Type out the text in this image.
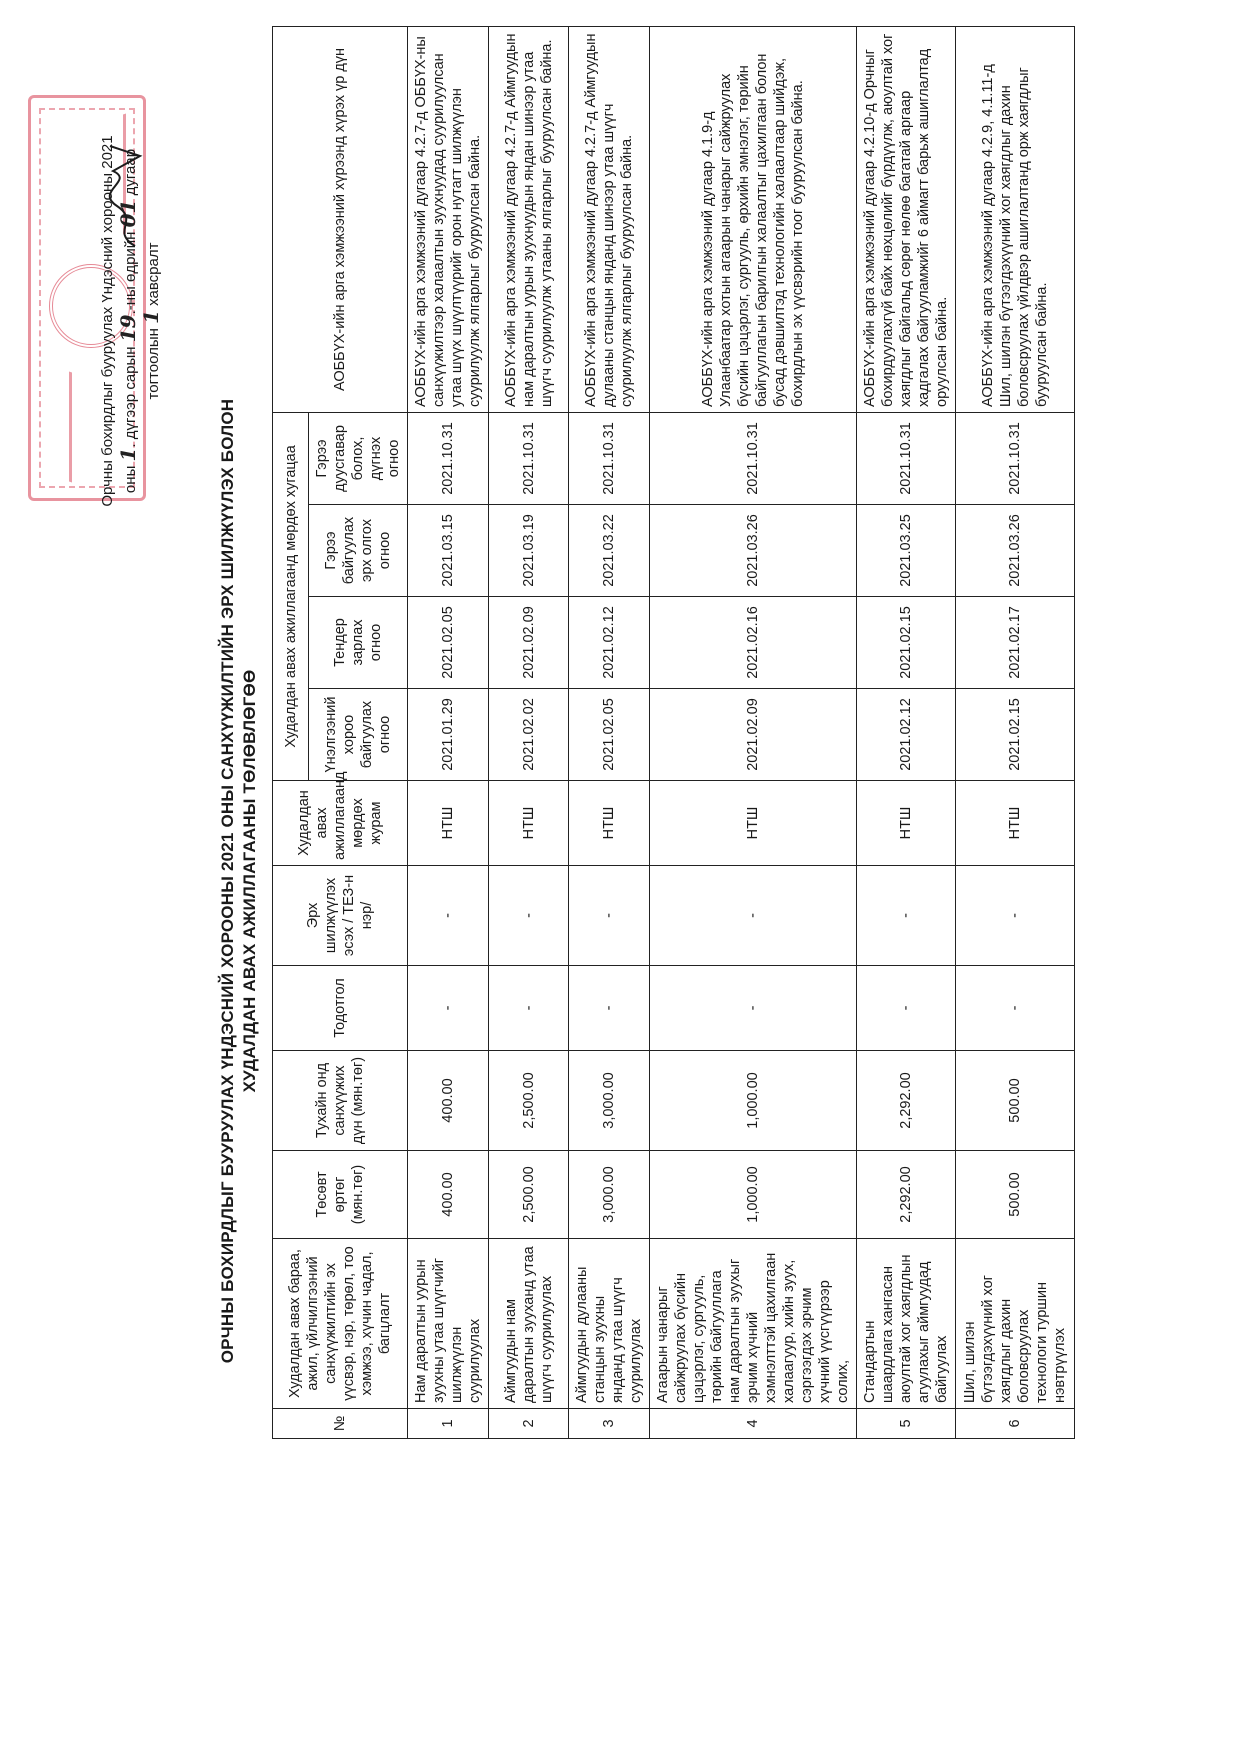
Орчны бохирдлыг бууруулах Үндэсний хорооны 2021 оны 1. дүгээр сарын 19.-ны өдрийн 01 дугаар
тогтоолын 1 хавсралт
ОРЧНЫ БОХИРДЛЫГ БУУРУУЛАХ ҮНДЭСНИЙ ХОРООНЫ 2021 ОНЫ САНХҮҮЖИЛТИЙН ЭРХ ШИЛЖҮҮЛЭХ БОЛОН ХУДАЛДАН АВАХ АЖИЛЛАГААНЫ ТӨЛӨВЛӨГӨӨ
№	Худалдан авах бараа, ажил, үйлчилгээний санхүүжилтийн эх үүсвэр, нэр, төрөл, тоо хэмжээ, хүчин чадал, багцлалт	Төсөвт өртөг (мян.төг)	Тухайн онд санхүүжих дүн (мян.төг)	Тодотгол	Эрх шилжүүлэх эсэх / ТЕЗ-н нэр/	Худалдан авах ажиллагаанд мөрдөх журам	Худалдан авах ажиллагаанд мөрдөх хугацаа				АОББҮХ-ийн арга хэмжээний хүрээнд хүрэх үр дүн
							Үнэлгээний хороо байгуулах огноо	Тендер зарлах огноо	Гэрээ байгуулах эрх олгох огноо	Гэрээ дуусгавар болох, дүгнэх огноо	
1	Нам даралтын уурын зуухны утаа шүүгчийг шилжүүлэн суурилуулах	400.00	400.00	-	-	НТШ	2021.01.29	2021.02.05	2021.03.15	2021.10.31	АОББҮХ-ийн арга хэмжээний дугаар 4.2.7-д ОББҮХ-ны санхүүжилтээр халаалтын зуухнуудад суурилуулсан утаа шүүх шүүлтүүрийг орон нутагт шилжүүлэн суурилуулж ялгарлыг бууруулсан байна.
2	Аймгуудын нам даралтын зууханд утаа шүүгч суурилуулах	2,500.00	2,500.00	-	-	НТШ	2021.02.02	2021.02.09	2021.03.19	2021.10.31	АОББҮХ-ийн арга хэмжээний дугаар 4.2.7-д Аймгуудын нам даралтын уурын зуухнуудын яндан шинээр утаа шүүгч суурилуулж утааны ялгарлыг бууруулсан байна.
3	Аймгуудын дулааны станцын зуухны янданд утаа шүүгч суурилуулах	3,000.00	3,000.00	-	-	НТШ	2021.02.05	2021.02.12	2021.03.22	2021.10.31	АОББҮХ-ийн арга хэмжээний дугаар 4.2.7-д Аймгуудын дулааны станцын янданд шинээр утаа шүүгч суурилуулж ялгарлыг бууруулсан байна.
4	Агаарын чанарыг сайжруулах бүсийн цэцэрлэг, сургууль, төрийн байгууллага нам даралтын зуухыг эрчим хүчний хэмнэлттэй цахилгаан халаагуур, хийн зуух, сэргээгдэх эрчим хүчний үүсгүүрээр солих,	1,000.00	1,000.00	-	-	НТШ	2021.02.09	2021.02.16	2021.03.26	2021.10.31	АОББҮХ-ийн арга хэмжээний дугаар 4.1.9-д Улаанбаатар хотын агаарын чанарыг сайжруулах бүсийн цэцэрлэг, сургууль, өрхийн эмнэлэг, төрийн байгууллагын барилгын халаалтыг цахилгаан болон бусад дэвшилтэд технологийн халаалтаар шийдэж, бохирдлын эх үүсвэрийн тоог бууруулсан байна.
5	Стандартын шаардлага хангасан аюултай хог хаягдлын агуулахыг аймгуудад байгуулах	2,292.00	2,292.00	-	-	НТШ	2021.02.12	2021.02.15	2021.03.25	2021.10.31	АОББҮХ-ийн арга хэмжээний дугаар 4.2.10-д Орчныг бохирдуулахгүй байх нөхцөлийг бүрдүүлж, аюултай хог хаягдлыг байгальд сөрөг нөлөө багатай аргаар хадгалах байгууламжийг 6 аймагт барьж ашиглалтад оруулсан байна.
6	Шил, шилэн бүтээгдэхүүний хог хаягдлыг дахин боловсруулах технологи туршин нэвтрүүлэх	500.00	500.00	-	-	НТШ	2021.02.15	2021.02.17	2021.03.26	2021.10.31	АОББҮХ-ийн арга хэмжээний дугаар 4.2.9, 4.1.11-д Шил, шилэн бүтээгдэхүүний хог хаягдлыг дахин боловсруулах үйлдвэр ашиглалтанд орж хаягдлыг бууруулсан байна.
